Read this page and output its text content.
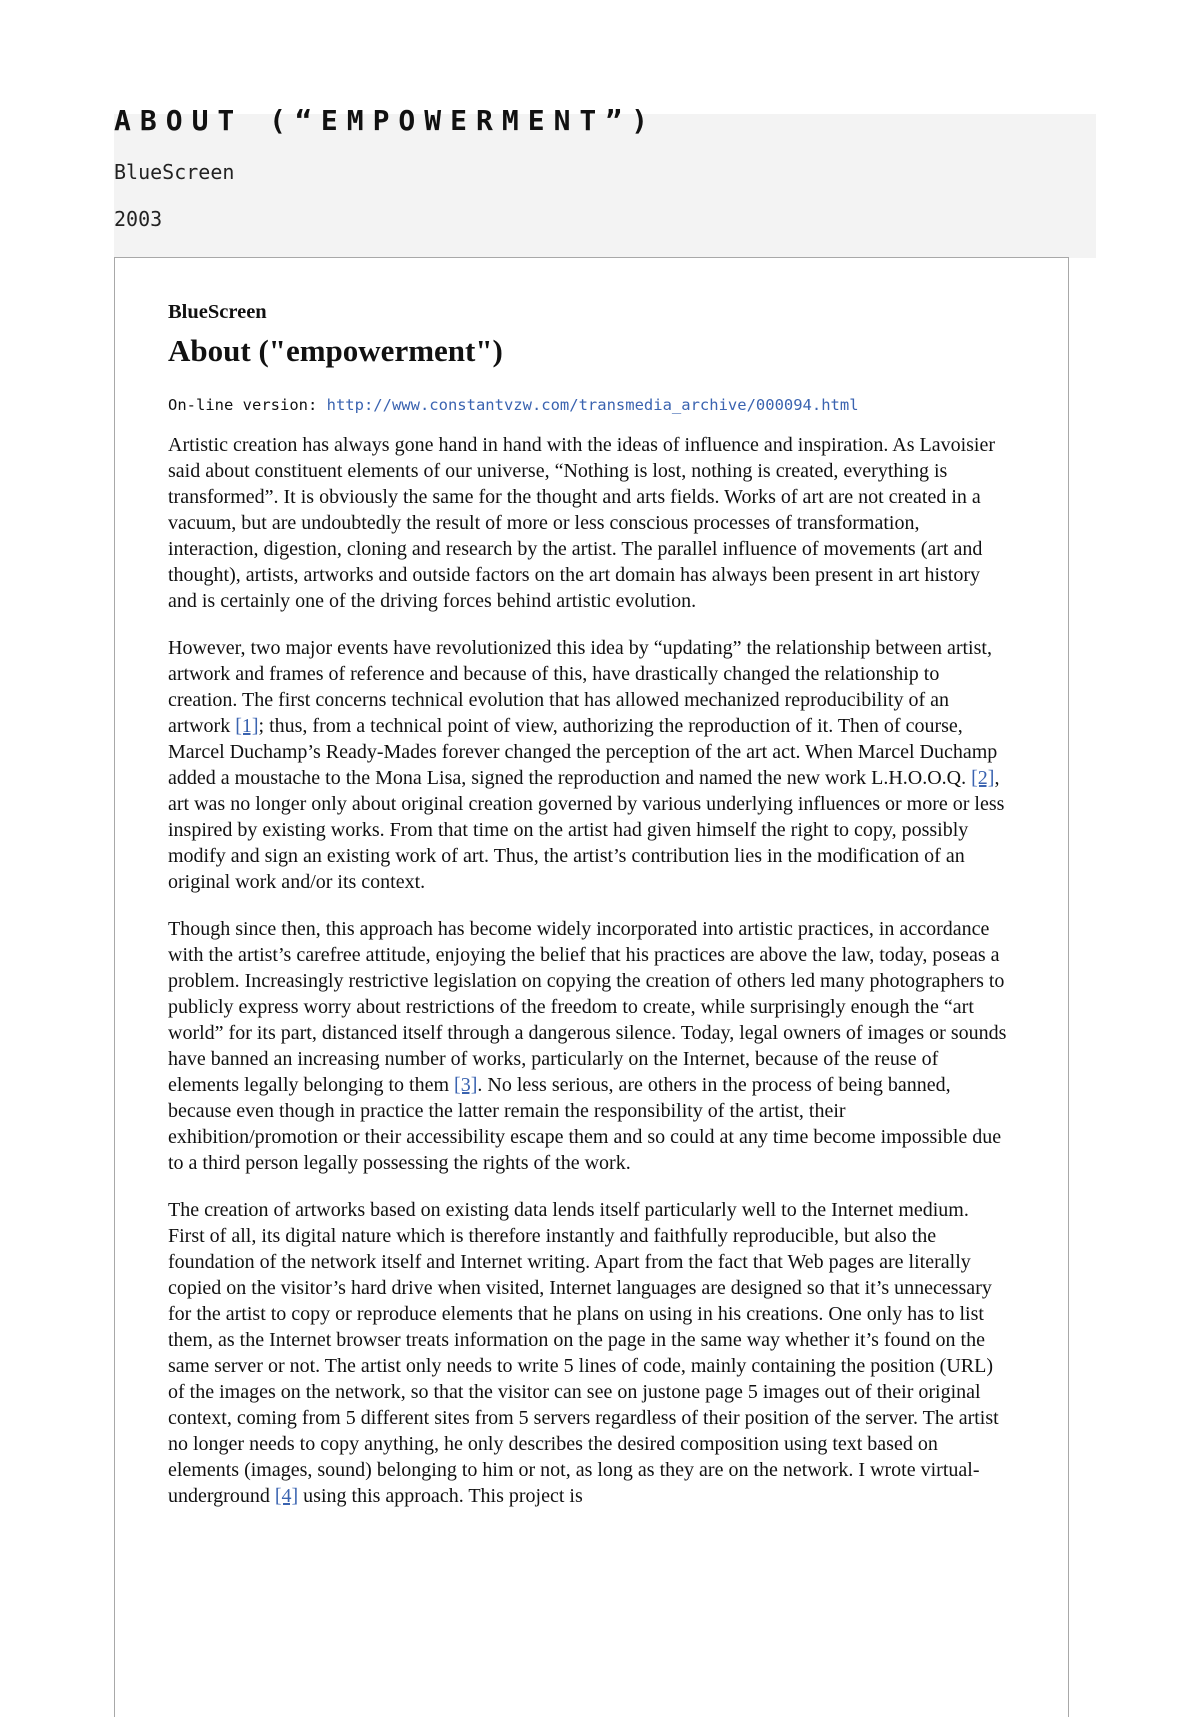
ABOUT (“EMPOWERMENT”)

BlueScreen

2003

BlueScreen

About ("empowerment")

On-line version: http://www.constantvzw.com/transmedia_archive/000094.html

Artistic creation has always gone hand in hand with the ideas of influence and inspiration. As Lavoisier said about constituent elements of our universe, “Nothing is lost, nothing is created, everything is transformed”. It is obviously the same for the thought and arts fields. Works of art are not created in a vacuum, but are undoubtedly the result of more or less conscious processes of transformation, interaction, digestion, cloning and research by the artist. The parallel influence of movements (art and thought), artists, artworks and outside factors on the art domain has always been present in art history and is certainly one of the driving forces behind artistic evolution.

However, two major events have revolutionized this idea by “updating” the relationship between artist, artwork and frames of reference and because of this, have drastically changed the relationship to creation. The first concerns technical evolution that has allowed mechanized reproducibility of an artwork [1]; thus, from a technical point of view, authorizing the reproduction of it. Then of course, Marcel Duchamp’s Ready-Mades forever changed the perception of the art act. When Marcel Duchamp added a moustache to the Mona Lisa, signed the reproduction and named the new work L.H.O.O.Q. [2], art was no longer only about original creation governed by various underlying influences or more or less inspired by existing works. From that time on the artist had given himself the right to copy, possibly modify and sign an existing work of art. Thus, the artist’s contribution lies in the modification of an original work and/or its context.

Though since then, this approach has become widely incorporated into artistic practices, in accordance with the artist’s carefree attitude, enjoying the belief that his practices are above the law, today, poseas a problem. Increasingly restrictive legislation on copying the creation of others led many photographers to publicly express worry about restrictions of the freedom to create, while surprisingly enough the “art world” for its part, distanced itself through a dangerous silence. Today, legal owners of images or sounds have banned an increasing number of works, particularly on the Internet, because of the reuse of elements legally belonging to them [3]. No less serious, are others in the process of being banned, because even though in practice the latter remain the responsibility of the artist, their exhibition/promotion or their accessibility escape them and so could at any time become impossible due to a third person legally possessing the rights of the work.

The creation of artworks based on existing data lends itself particularly well to the Internet medium. First of all, its digital nature which is therefore instantly and faithfully reproducible, but also the foundation of the network itself and Internet writing. Apart from the fact that Web pages are literally copied on the visitor’s hard drive when visited, Internet languages are designed so that it’s unnecessary for the artist to copy or reproduce elements that he plans on using in his creations. One only has to list them, as the Internet browser treats information on the page in the same way whether it’s found on the same server or not. The artist only needs to write 5 lines of code, mainly containing the position (URL) of the images on the network, so that the visitor can see on justone page 5 images out of their original context, coming from 5 different sites from 5 servers regardless of their position of the server. The artist no longer needs to copy anything, he only describes the desired composition using text based on elements (images, sound) belonging to him or not, as long as they are on the network. I wrote virtual-underground [4] using this approach. This project is
